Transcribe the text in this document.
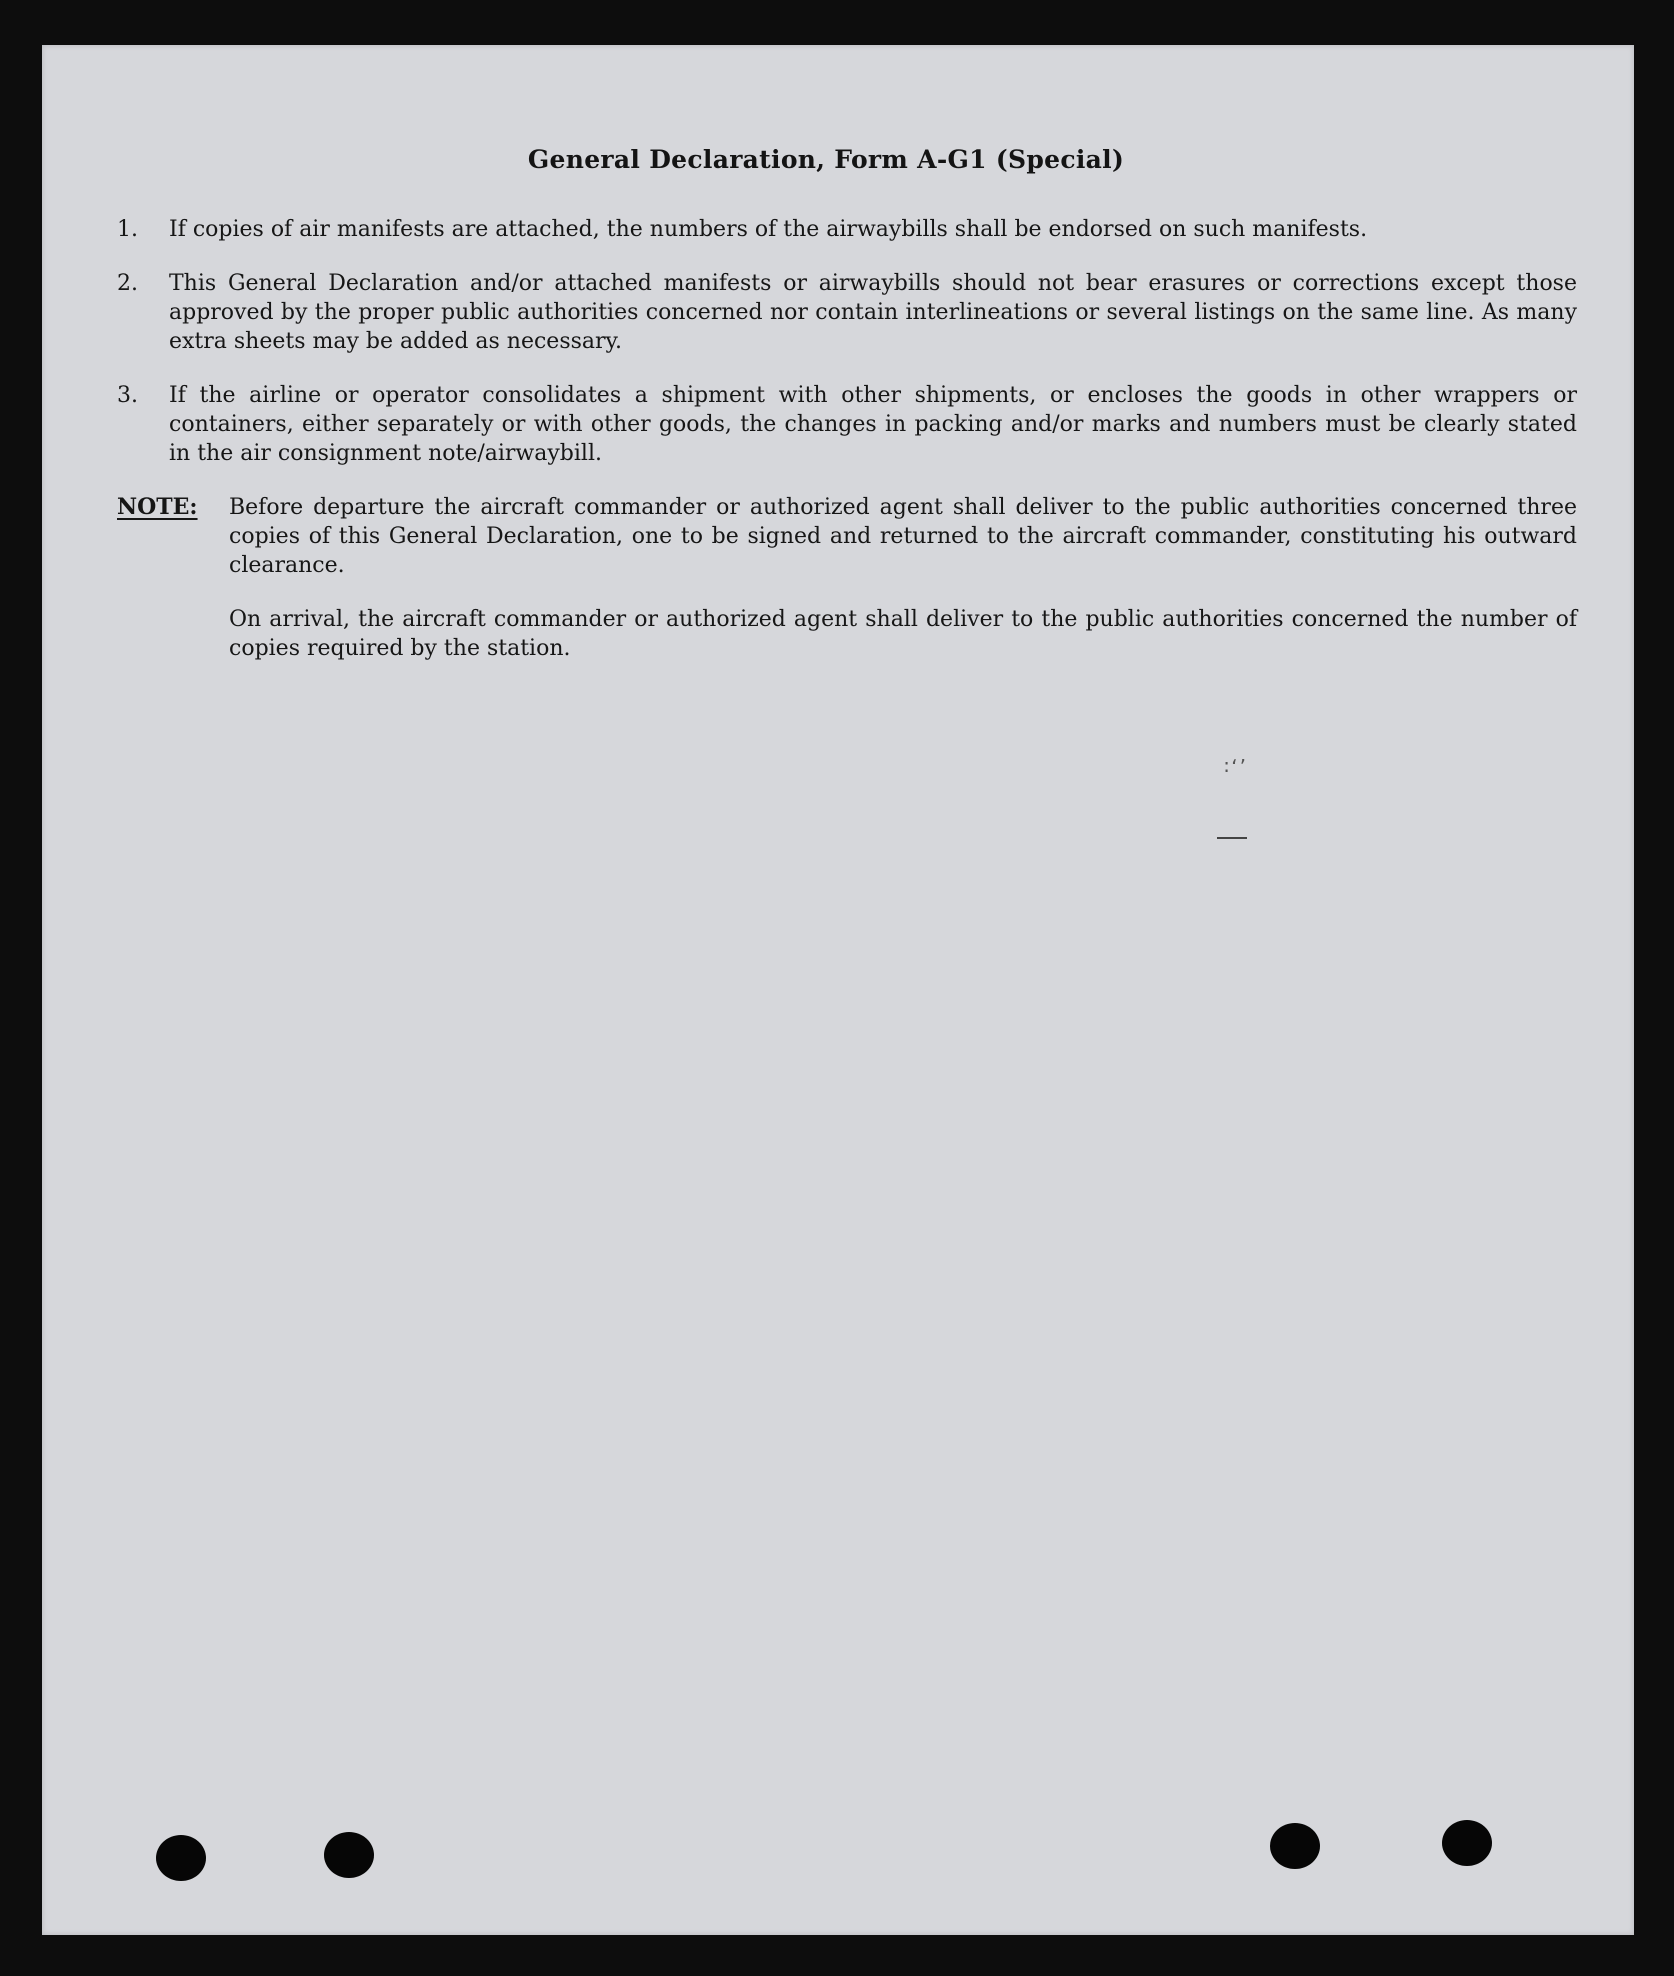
General Declaration, Form A-G1 (Special)
1.	If copies of air manifests are attached, the numbers of the airwaybills shall be endorsed on such manifests.
2.	This General Declaration and/or attached manifests or airwaybills should not bear erasures or corrections except those approved by the proper public authorities concerned nor contain interlineations or several listings on the same line. As many extra sheets may be added as necessary.
3.	If the airline or operator consolidates a shipment with other shipments, or encloses the goods in other wrappers or containers, either separately or with other goods, the changes in packing and/or marks and numbers must be clearly stated in the air consignment note/airwaybill.
NOTE:	Before departure the aircraft commander or authorized agent shall deliver to the public authorities concerned three copies of this General Declaration, one to be signed and returned to the aircraft commander, constituting his outward clearance.

On arrival, the aircraft commander or authorized agent shall deliver to the public authorities concerned the number of copies required by the station.

∶ʻ’
